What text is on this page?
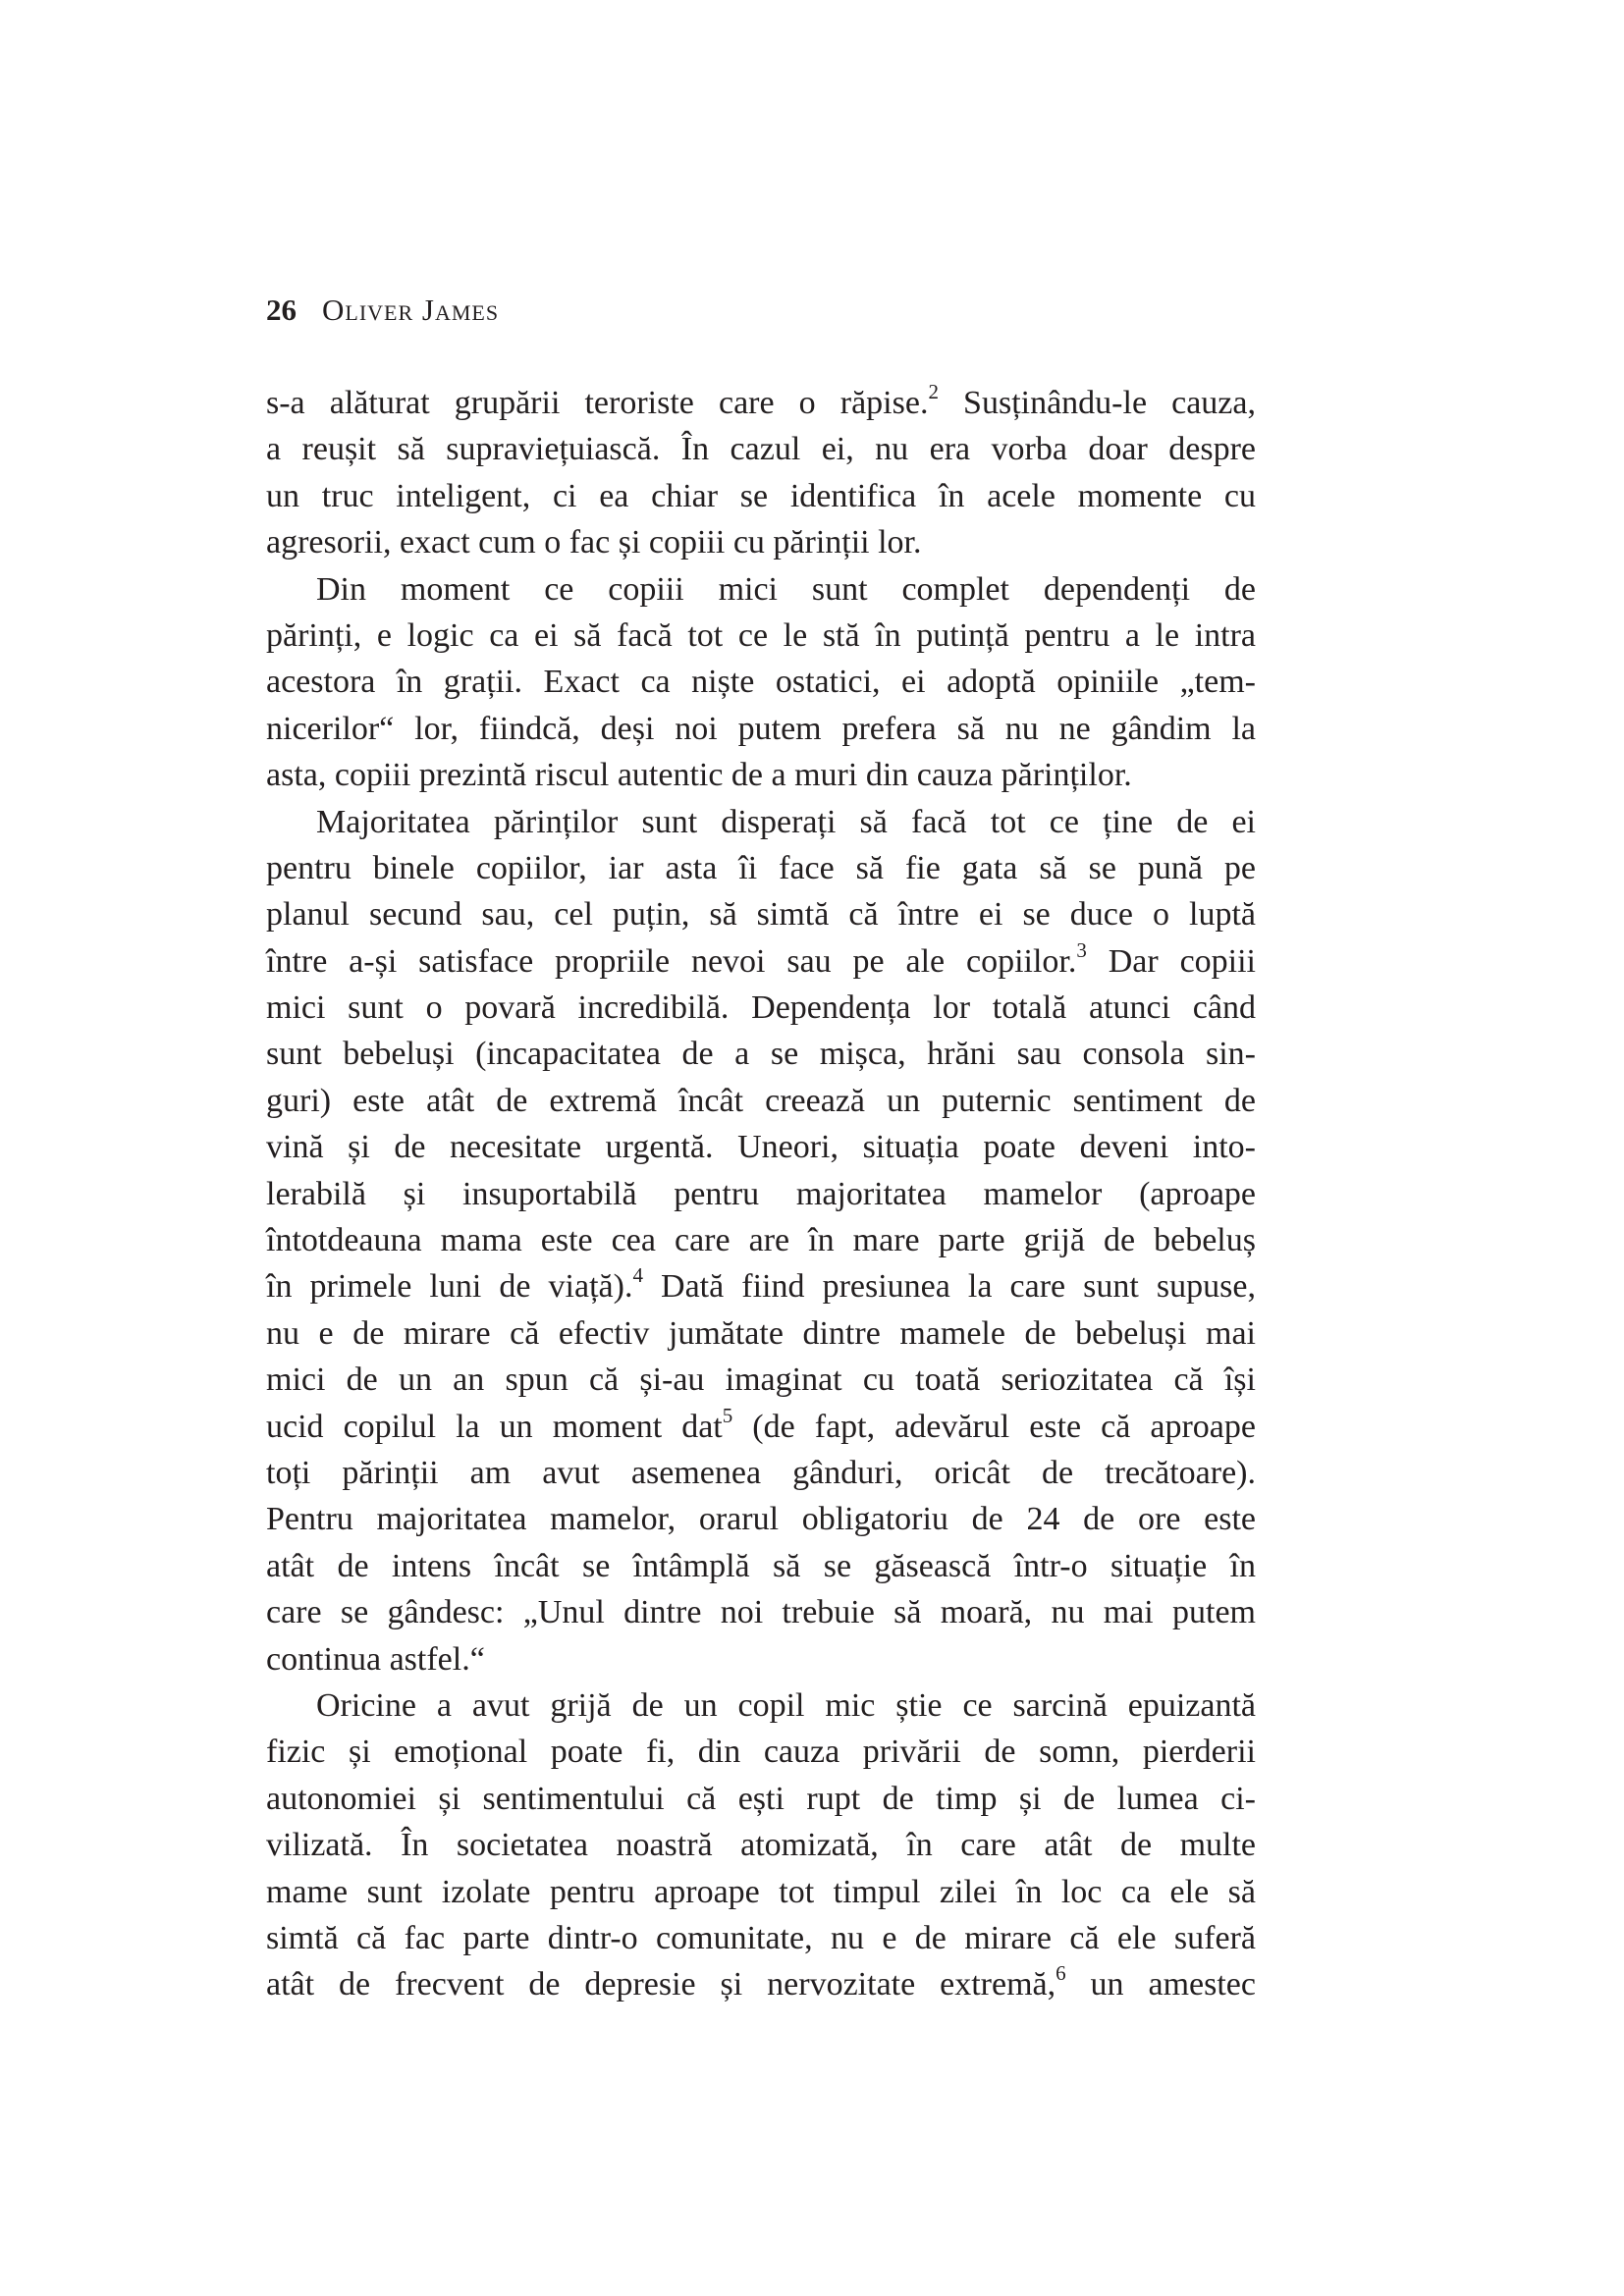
26 Oliver James
s-a alăturat grupării teroriste care o răpise.$^2$ Susținându-le cauza,
a reușit să supraviețuiască. În cazul ei, nu era vorba doar despre
un truc inteligent, ci ea chiar se identifica în acele momente cu
agresorii, exact cum o fac și copiii cu părinții lor.
Din moment ce copiii mici sunt complet dependenți de
părinți, e logic ca ei să facă tot ce le stă în putință pentru a le intra
acestora în grații. Exact ca niște ostatici, ei adoptă opiniile „tem-
nicerilor“ lor, fiindcă, deși noi putem prefera să nu ne gândim la
asta, copiii prezintă riscul autentic de a muri din cauza părinților.
Majoritatea părinților sunt disperați să facă tot ce ține de ei
pentru binele copiilor, iar asta îi face să fie gata să se pună pe
planul secund sau, cel puțin, să simtă că între ei se duce o luptă
între a-și satisface propriile nevoi sau pe ale copiilor.$^3$ Dar copiii
mici sunt o povară incredibilă. Dependența lor totală atunci când
sunt bebeluși (incapacitatea de a se mișca, hrăni sau consola sin-
guri) este atât de extremă încât creează un puternic sentiment de
vină și de necesitate urgentă. Uneori, situația poate deveni into-
lerabilă și insuportabilă pentru majoritatea mamelor (aproape
întotdeauna mama este cea care are în mare parte grijă de bebeluș
în primele luni de viață).$^4$ Dată fiind presiunea la care sunt supuse,
nu e de mirare că efectiv jumătate dintre mamele de bebeluși mai
mici de un an spun că și-au imaginat cu toată seriozitatea că își
ucid copilul la un moment dat$^5$ (de fapt, adevărul este că aproape
toți părinții am avut asemenea gânduri, oricât de trecătoare).
Pentru majoritatea mamelor, orarul obligatoriu de 24 de ore este
atât de intens încât se întâmplă să se găsească într-o situație în
care se gândesc: „Unul dintre noi trebuie să moară, nu mai putem
continua astfel.“
Oricine a avut grijă de un copil mic știe ce sarcină epuizantă
fizic și emoțional poate fi, din cauza privării de somn, pierderii
autonomiei și sentimentului că ești rupt de timp și de lumea ci-
vilizată. În societatea noastră atomizată, în care atât de multe
mame sunt izolate pentru aproape tot timpul zilei în loc ca ele să
simtă că fac parte dintr-o comunitate, nu e de mirare că ele suferă
atât de frecvent de depresie și nervozitate extremă,$^6$ un amestec
